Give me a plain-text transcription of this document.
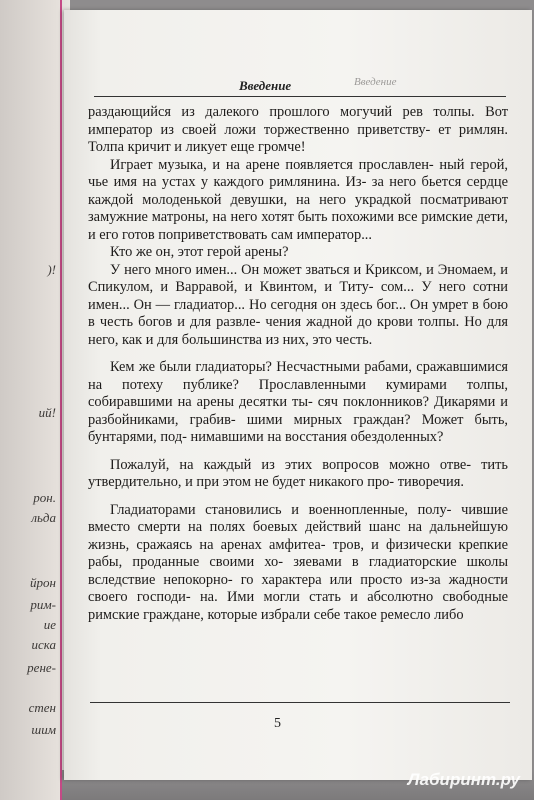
)!
ий!
рон.
льда
йрон
рим-
ие
иска
рене-
стен
шим
Введение
Введение

раздающийся из далекого прошлого могучий рев толпы. Вот император из своей ложи торжественно приветству- ет римлян. Толпа кричит и ликует еще громче!

Играет музыка, и на арене появляется прославлен- ный герой, чье имя на устах у каждого римлянина. Из- за него бьется сердце каждой молоденькой девушки, на него украдкой посматривают замужние матроны, на него хотят быть похожими все римские дети, и его готов поприветствовать сам император...

Кто же он, этот герой арены?

У него много имен... Он может зваться и Криксом, и Эномаем, и Спикулом, и Варравой, и Квинтом, и Титу- сом... У него сотни имен... Он — гладиатор... Но сегодня он здесь бог... Он умрет в бою в честь богов и для развле- чения жадной до крови толпы. Но для него, как и для большинства из них, это честь.

Кем же были гладиаторы? Несчастными рабами, сражавшимися на потеху публике? Прославленными кумирами толпы, собиравшими на арены десятки ты- сяч поклонников? Дикарями и разбойниками, грабив- шими мирных граждан? Может быть, бунтарями, под- нимавшими на восстания обездоленных?

Пожалуй, на каждый из этих вопросов можно отве- тить утвердительно, и при этом не будет никакого про- тиворечия.

Гладиаторами становились и военнопленные, полу- чившие вместо смерти на полях боевых действий шанс на дальнейшую жизнь, сражаясь на аренах амфитеа- тров, и физически крепкие рабы, проданные своими хо- зяевами в гладиаторские школы вследствие непокорно- го характера или просто из-за жадности своего господи- на. Ими могли стать и абсолютно свободные римские граждане, которые избрали себе такое ремесло либо

5
Лабиринт.ру
